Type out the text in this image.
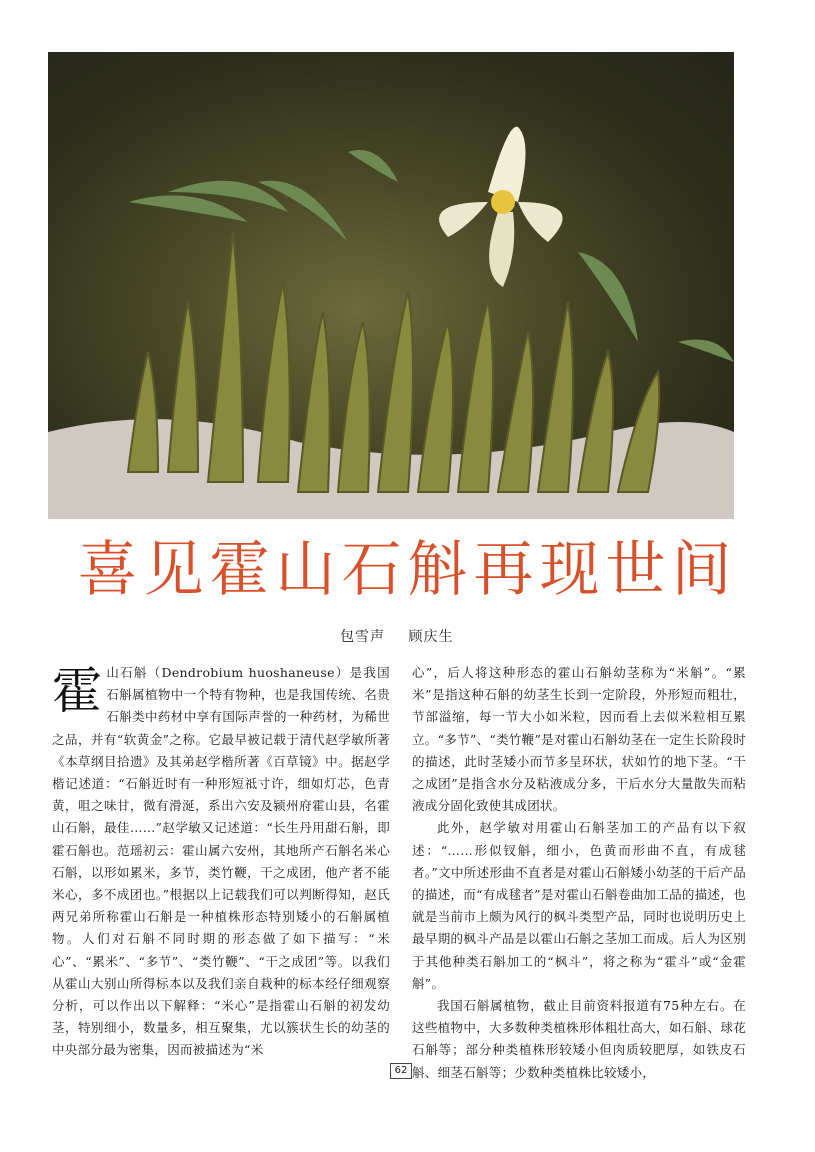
喜见霍山石斛再现世间
包雪声 顾庆生
霍 山石斛（Dendrobium huoshaneuse）是我国石斛属植物中一个特有物种，也是我国传统、名贵石斛类中药材中享有国际声誉的一种药材，为稀世之品，并有“软黄金”之称。它最早被记载于清代赵学敏所著《本草纲目拾遗》及其弟赵学楷所著《百草镜》中。据赵学楷记述道：“石斛近时有一种形短祗寸许，细如灯芯，色青黄，咀之味甘，微有滑涎，系出六安及颍州府霍山县，名霍山石斛，最佳……”赵学敏又记述道：“长生丹用甜石斛，即霍石斛也。范瑶初云：霍山属六安州，其地所产石斛名米心石斛，以形如累米，多节，类竹鞭，干之成团，他产者不能米心，多不成团也。”根据以上记载我们可以判断得知，赵氏两兄弟所称霍山石斛是一种植株形态特别矮小的石斛属植物。人们对石斛不同时期的形态做了如下描写：“米心”、“累米”、“多节”、“类竹鞭”、“干之成团”等。以我们从霍山大别山所得标本以及我们亲自栽种的标本经仔细观察分析，可以作出以下解释：“米心”是指霍山石斛的初发幼茎，特别细小，数量多，相互聚集，尤以簇状生长的幼茎的中央部分最为密集，因而被描述为“米

心”，后人将这种形态的霍山石斛幼茎称为“米斛”。“累米”是指这种石斛的幼茎生长到一定阶段，外形短而粗壮，节部溢缩，每一节大小如米粒，因而看上去似米粒相互累立。“多节”、“类竹鞭”是对霍山石斛幼茎在一定生长阶段时的描述，此时茎矮小而节多呈环状，状如竹的地下茎。“干之成团”是指含水分及粘液成分多，干后水分大量散失而粘液成分固化致使其成团状。

此外，赵学敏对用霍山石斛茎加工的产品有以下叙述：“……形似钗斛，细小，色黄而形曲不直，有成毬者。”文中所述形曲不直者是对霍山石斛矮小幼茎的干后产品的描述，而“有成毬者”是对霍山石斛卷曲加工品的描述，也就是当前市上颇为风行的枫斗类型产品，同时也说明历史上最早期的枫斗产品是以霍山石斛之茎加工而成。后人为区别于其他种类石斛加工的“枫斗”，将之称为“霍斗”或“金霍斛”。

我国石斛属植物，截止目前资料报道有75种左右。在这些植物中，大多数种类植株形体粗壮高大，如石斛、球花石斛等；部分种类植株形较矮小但肉质较肥厚，如铁皮石斛、细茎石斛等；少数种类植株比较矮小，

62
